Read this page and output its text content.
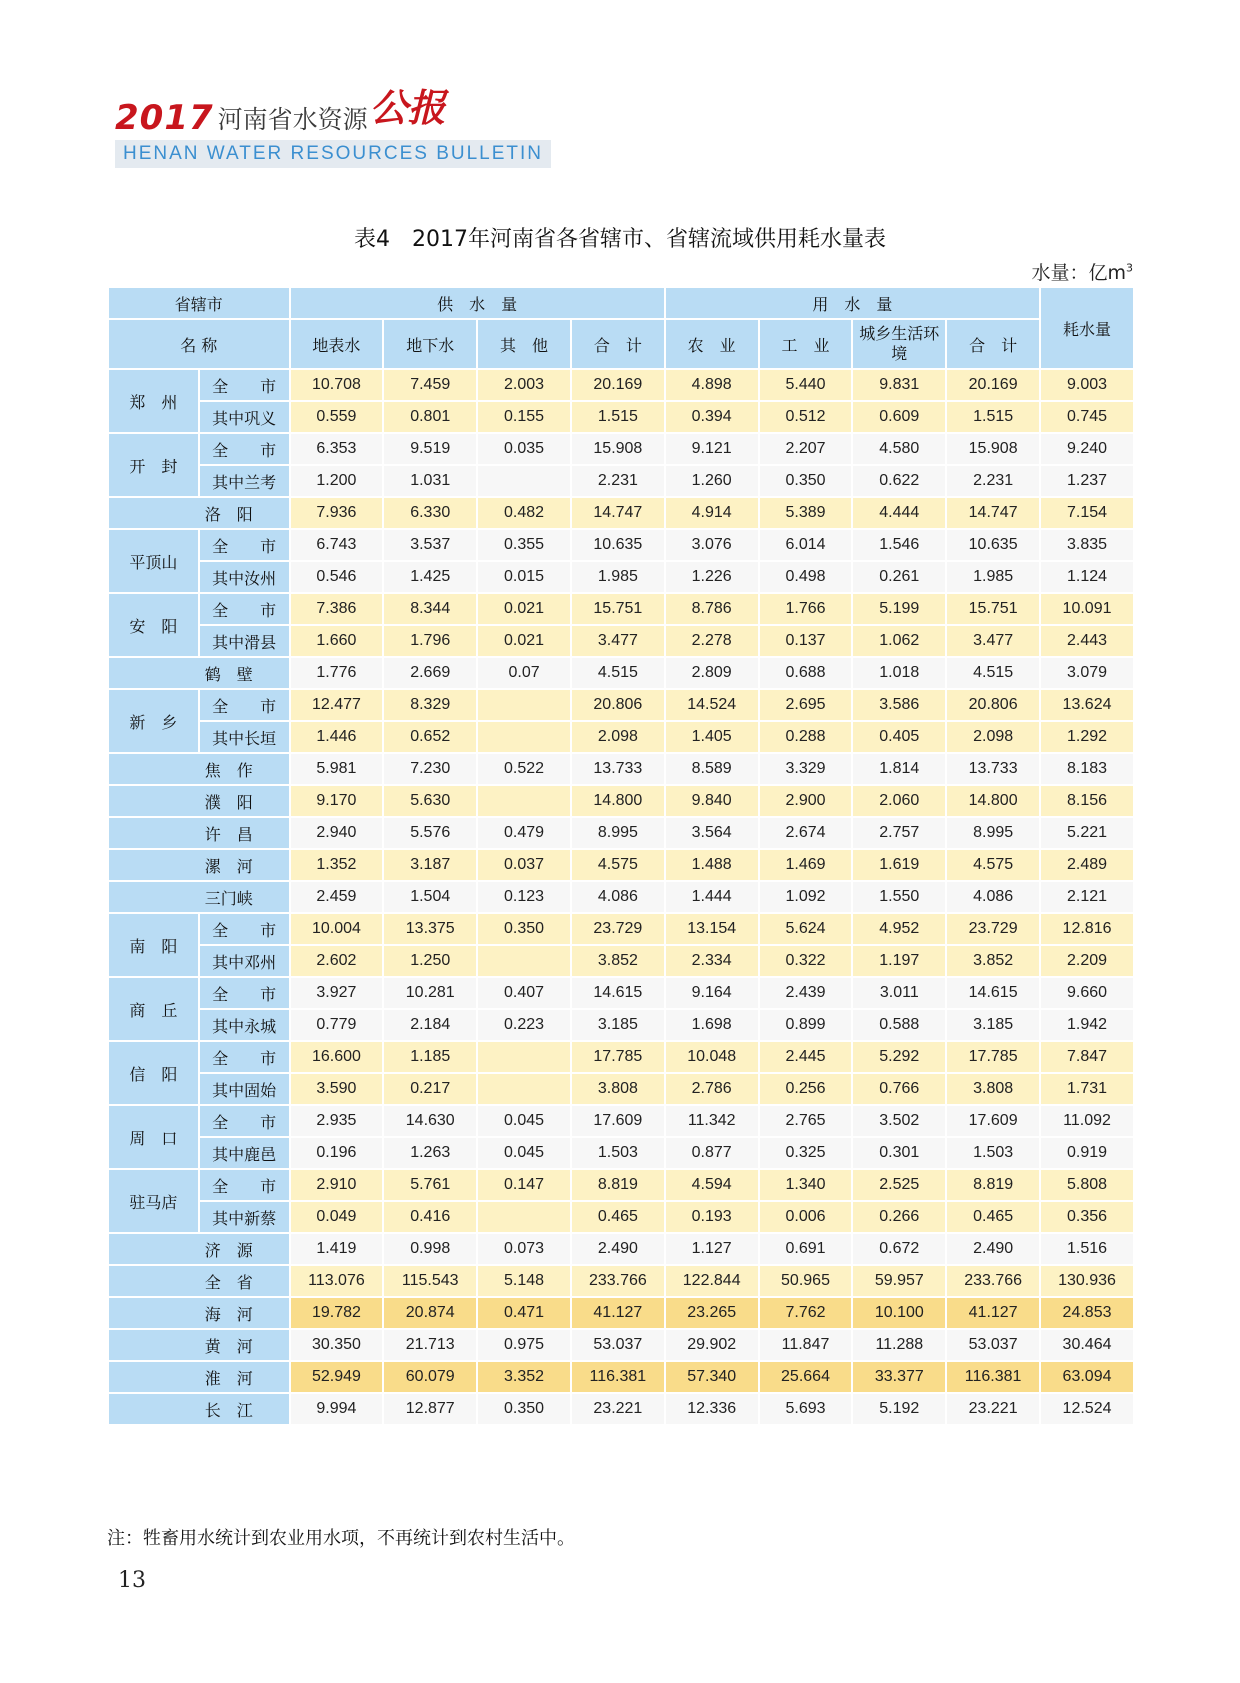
2017 河南省水资源 公报
HENAN WATER RESOURCES BULLETIN
表4　2017年河南省各省辖市、省辖流域供用耗水量表
水量：亿$m^3$
省辖市		供　水　量				用　水　量				耗水量
名 称		地表水	地下水	其　他	合　计	农　业	工　业	城乡生活环境	合　计	
郑　州	全　　市	10.708	7.459	2.003	20.169	4.898	5.440	9.831	20.169	9.003
	其中巩义	0.559	0.801	0.155	1.515	0.394	0.512	0.609	1.515	0.745
开　封	全　　市	6.353	9.519	0.035	15.908	9.121	2.207	4.580	15.908	9.240
	其中兰考	1.200	1.031		2.231	1.260	0.350	0.622	2.231	1.237
洛　阳		7.936	6.330	0.482	14.747	4.914	5.389	4.444	14.747	7.154
平顶山	全　　市	6.743	3.537	0.355	10.635	3.076	6.014	1.546	10.635	3.835
	其中汝州	0.546	1.425	0.015	1.985	1.226	0.498	0.261	1.985	1.124
安　阳	全　　市	7.386	8.344	0.021	15.751	8.786	1.766	5.199	15.751	10.091
	其中滑县	1.660	1.796	0.021	3.477	2.278	0.137	1.062	3.477	2.443
鹤　壁		1.776	2.669	0.07	4.515	2.809	0.688	1.018	4.515	3.079
新　乡	全　　市	12.477	8.329		20.806	14.524	2.695	3.586	20.806	13.624
	其中长垣	1.446	0.652		2.098	1.405	0.288	0.405	2.098	1.292
焦　作		5.981	7.230	0.522	13.733	8.589	3.329	1.814	13.733	8.183
濮　阳		9.170	5.630		14.800	9.840	2.900	2.060	14.800	8.156
许　昌		2.940	5.576	0.479	8.995	3.564	2.674	2.757	8.995	5.221
漯　河		1.352	3.187	0.037	4.575	1.488	1.469	1.619	4.575	2.489
三门峡		2.459	1.504	0.123	4.086	1.444	1.092	1.550	4.086	2.121
南　阳	全　　市	10.004	13.375	0.350	23.729	13.154	5.624	4.952	23.729	12.816
	其中邓州	2.602	1.250		3.852	2.334	0.322	1.197	3.852	2.209
商　丘	全　　市	3.927	10.281	0.407	14.615	9.164	2.439	3.011	14.615	9.660
	其中永城	0.779	2.184	0.223	3.185	1.698	0.899	0.588	3.185	1.942
信　阳	全　　市	16.600	1.185		17.785	10.048	2.445	5.292	17.785	7.847
	其中固始	3.590	0.217		3.808	2.786	0.256	0.766	3.808	1.731
周　口	全　　市	2.935	14.630	0.045	17.609	11.342	2.765	3.502	17.609	11.092
	其中鹿邑	0.196	1.263	0.045	1.503	0.877	0.325	0.301	1.503	0.919
驻马店	全　　市	2.910	5.761	0.147	8.819	4.594	1.340	2.525	8.819	5.808
	其中新蔡	0.049	0.416		0.465	0.193	0.006	0.266	0.465	0.356
济　源		1.419	0.998	0.073	2.490	1.127	0.691	0.672	2.490	1.516
全　省		113.076	115.543	5.148	233.766	122.844	50.965	59.957	233.766	130.936
海　河		19.782	20.874	0.471	41.127	23.265	7.762	10.100	41.127	24.853
黄　河		30.350	21.713	0.975	53.037	29.902	11.847	11.288	53.037	30.464
淮　河		52.949	60.079	3.352	116.381	57.340	25.664	33.377	116.381	63.094
长　江		9.994	12.877	0.350	23.221	12.336	5.693	5.192	23.221	12.524
注：牲畜用水统计到农业用水项，不再统计到农村生活中。
13
